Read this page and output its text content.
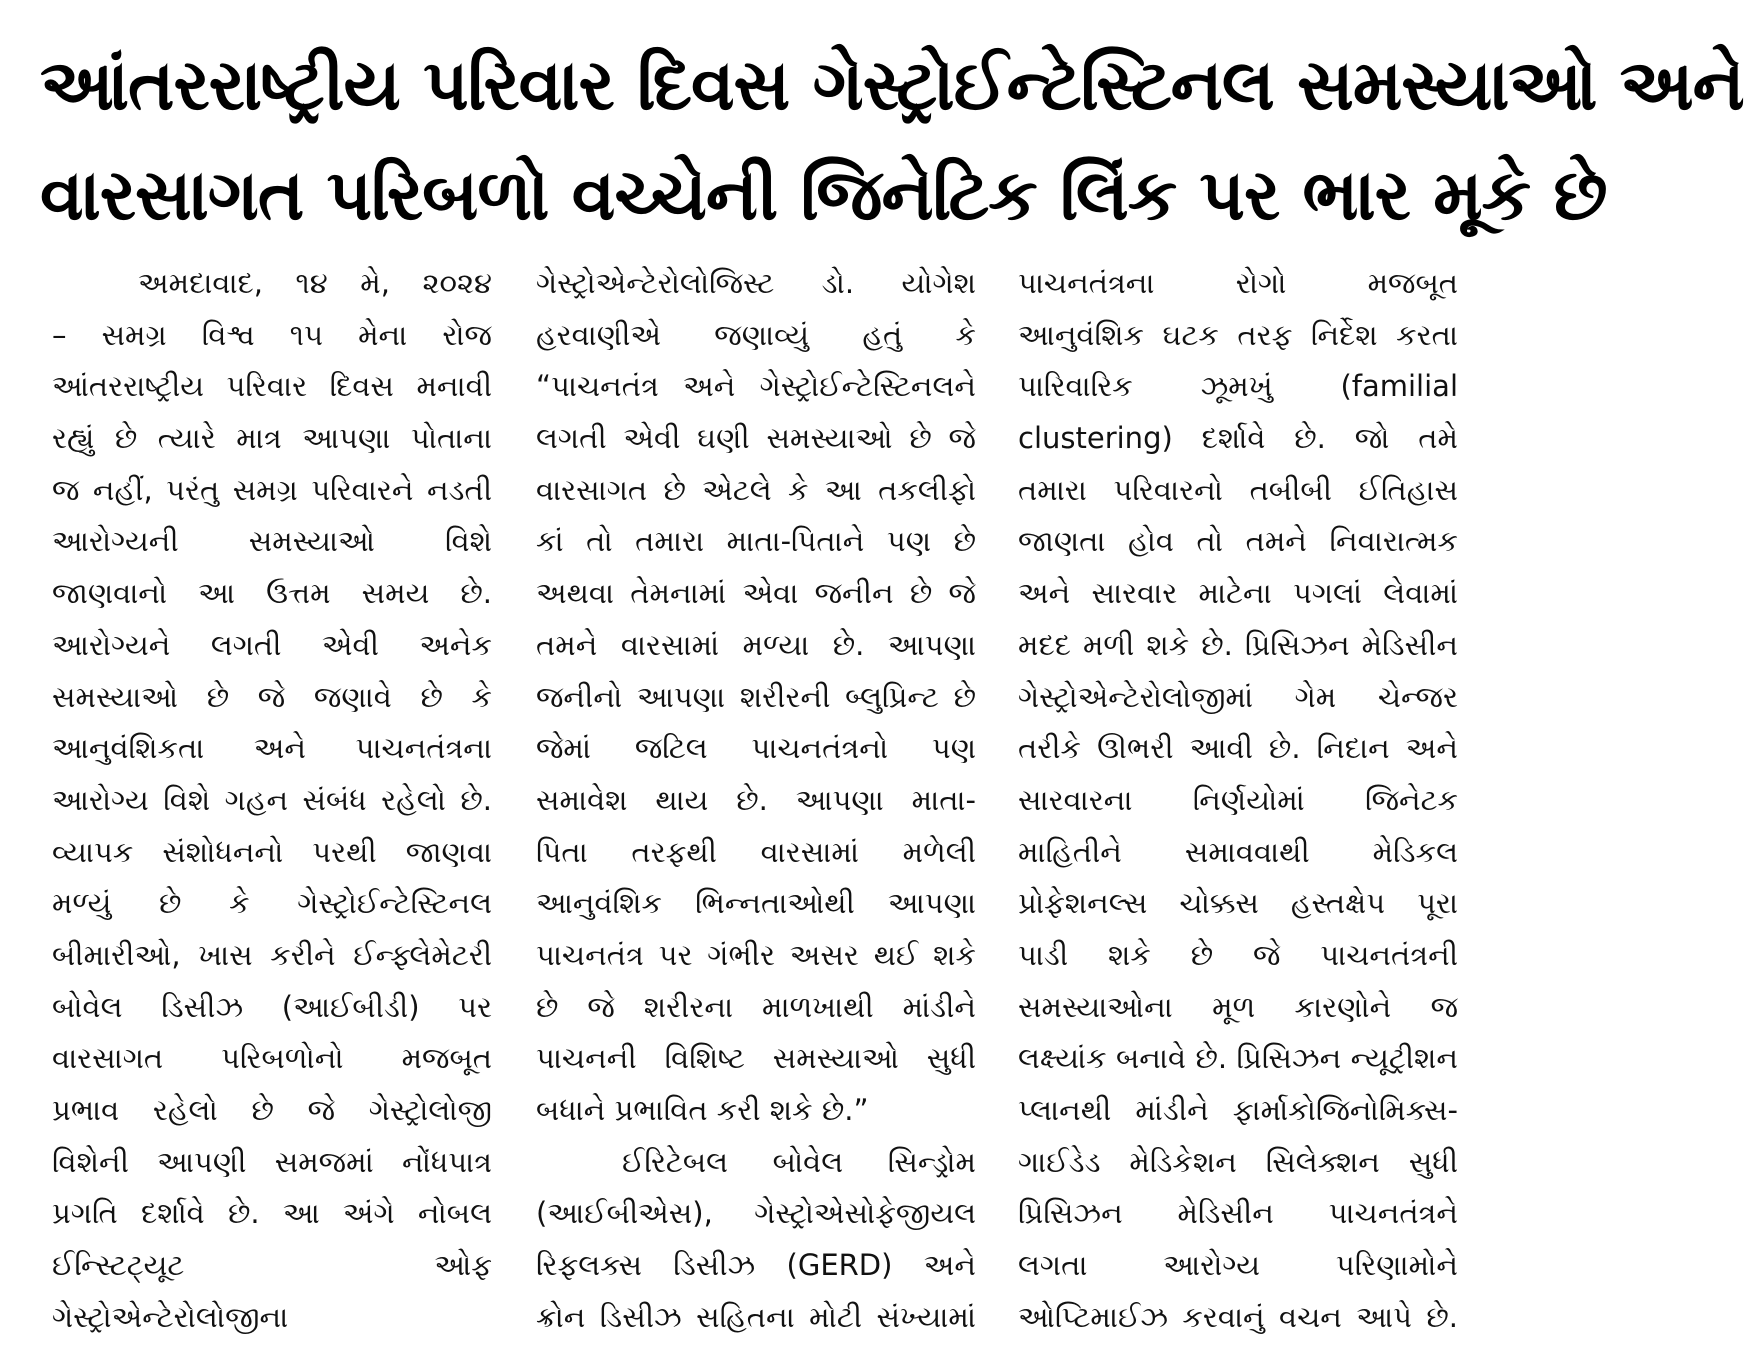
આંતરરાષ્ટ્રીય પરિવાર દિવસ ગેસ્ટ્રોઈન્ટેસ્ટિનલ સમસ્યાઓ અને
વારસાગત પરિબળો વચ્ચેની જિનેટિક લિંક પર ભાર મૂકે છે
અમદાવાદ, ૧૪ મે, ૨૦૨૪
– સમગ્ર વિશ્વ ૧૫ મેના રોજ
આંતરરાષ્ટ્રીય પરિવાર દિવસ મનાવી
રહ્યું છે ત્યારે માત્ર આપણા પોતાના
જ નહીં, પરંતુ સમગ્ર પરિવારને નડતી
આરોગ્યની સમસ્યાઓ વિશે
જાણવાનો આ ઉત્તમ સમય છે.
આરોગ્યને લગતી એવી અનેક
સમસ્યાઓ છે જે જણાવે છે કે
આનુવંશિકતા અને પાચનતંત્રના
આરોગ્ય વિશે ગહન સંબંધ રહેલો છે.
વ્યાપક સંશોધનનો પરથી જાણવા
મળ્યું છે કે ગેસ્ટ્રોઈન્ટેસ્ટિનલ
બીમારીઓ, ખાસ કરીને ઈન્ફ્લેમેટરી
બોવેલ ડિસીઝ (આઈબીડી) પર
વારસાગત પરિબળોનો મજબૂત
પ્રભાવ રહેલો છે જે ગેસ્ટ્રોલોજી
વિશેની આપણી સમજમાં નોંધપાત્ર
પ્રગતિ દર્શાવે છે. આ અંગે નોબલ
ઈન્સ્ટિટ્યૂટ ઓફ
ગેસ્ટ્રોએન્ટેરોલોજીના
ગેસ્ટ્રોએન્ટેરોલોજિસ્ટ ડો. યોગેશ
હરવાણીએ જણાવ્યું હતું કે
“પાચનતંત્ર અને ગેસ્ટ્રોઈન્ટેસ્ટિનલને
લગતી એવી ઘણી સમસ્યાઓ છે જે
વારસાગત છે એટલે કે આ તકલીફો
કાં તો તમારા માતા-પિતાને પણ છે
અથવા તેમનામાં એવા જનીન છે જે
તમને વારસામાં મળ્યા છે. આપણા
જનીનો આપણા શરીરની બ્લુપ્રિન્ટ છે
જેમાં જટિલ પાચનતંત્રનો પણ
સમાવેશ થાય છે. આપણા માતા-
પિતા તરફથી વારસામાં મળેલી
આનુવંશિક ભિન્નતાઓથી આપણા
પાચનતંત્ર પર ગંભીર અસર થઈ શકે
છે જે શરીરના માળખાથી માંડીને
પાચનની વિશિષ્ટ સમસ્યાઓ સુધી
બધાને પ્રભાવિત કરી શકે છે.”
ઈરિટેબલ બોવેલ સિન્ડ્રોમ
(આઈબીએસ), ગેસ્ટ્રોએસોફેજીયલ
રિફલક્સ ડિસીઝ (GERD) અને
ક્રોન ડિસીઝ સહિતના મોટી સંખ્યામાં
પાચનતંત્રના રોગો મજબૂત
આનુવંશિક ઘટક તરફ નિર્દેશ કરતા
પારિવારિક ઝૂમખું (familial
clustering) દર્શાવે છે. જો તમે
તમારા પરિવારનો તબીબી ઈતિહાસ
જાણતા હોવ તો તમને નિવારાત્મક
અને સારવાર માટેના પગલાં લેવામાં
મદદ મળી શકે છે. પ્રિસિઝન મેડિસીન
ગેસ્ટ્રોએન્ટેરોલોજીમાં ગેમ ચેન્જર
તરીકે ઊભરી આવી છે. નિદાન અને
સારવારના નિર્ણયોમાં જિનેટક
માહિતીને સમાવવાથી મેડિકલ
પ્રોફેશનલ્સ ચોક્કસ હસ્તક્ષેપ પૂરા
પાડી શકે છે જે પાચનતંત્રની
સમસ્યાઓના મૂળ કારણોને જ
લક્ષ્યાંક બનાવે છે. પ્રિસિઝન ન્યૂટ્રીશન
પ્લાનથી માંડીને ફાર્માકોજિનોમિક્સ-
ગાઈડેડ મેડિકેશન સિલેક્શન સુધી
પ્રિસિઝન મેડિસીન પાચનતંત્રને
લગતા આરોગ્ય પરિણામોને
ઓપ્ટિમાઈઝ કરવાનું વચન આપે છે.
